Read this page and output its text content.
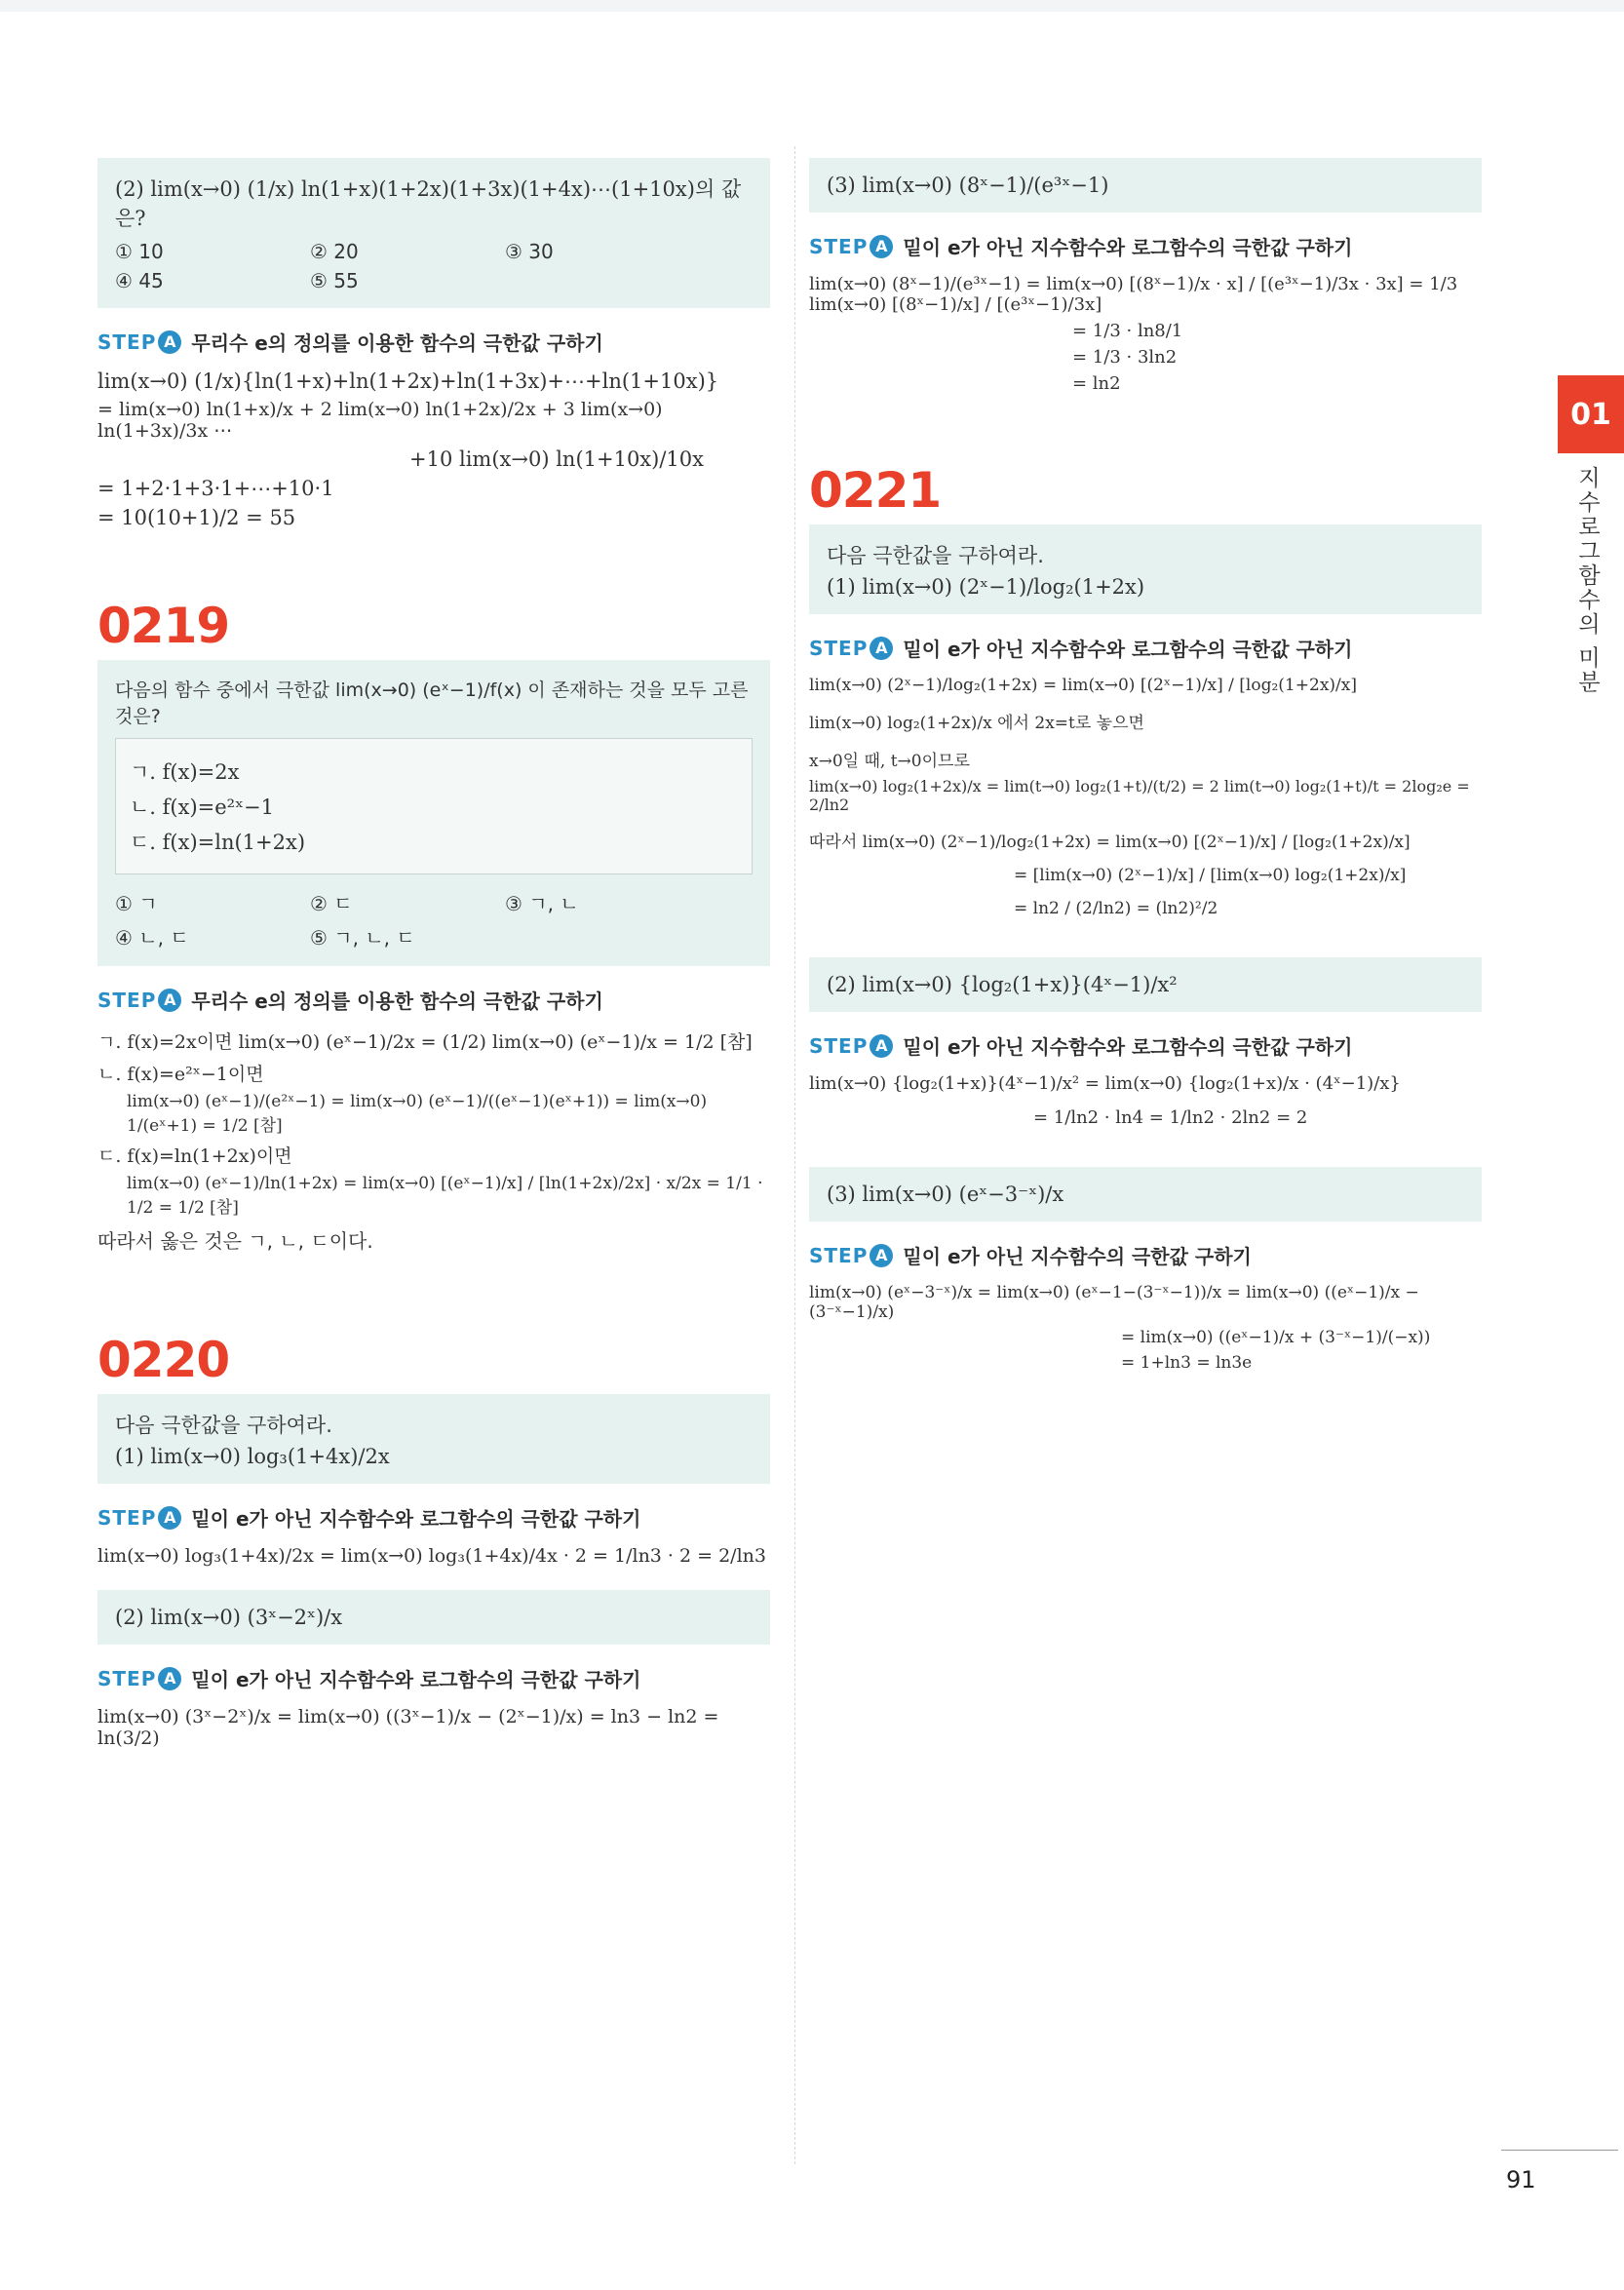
(2) lim(x→0) (1/x) ln(1+x)(1+2x)(1+3x)(1+4x)⋯(1+10x)의 값은?
① 10	② 20	③ 30
④ 45	⑤ 55
STEP A 무리수 e의 정의를 이용한 함수의 극한값 구하기
lim(x→0) (1/x){ln(1+x)+ln(1+2x)+ln(1+3x)+⋯+ln(1+10x)}
= lim(x→0) ln(1+x)/x + 2 lim(x→0) ln(1+2x)/2x + 3 lim(x→0) ln(1+3x)/3x ⋯
+10 lim(x→0) ln(1+10x)/10x
= 1+2·1+3·1+⋯+10·1
= 10(10+1)/2 = 55
0219
다음의 함수 중에서 극한값 lim(x→0) (eˣ−1)/f(x) 이 존재하는 것을 모두 고른 것은?
ㄱ. f(x)=2x
ㄴ. f(x)=e²ˣ−1
ㄷ. f(x)=ln(1+2x)
① ㄱ	② ㄷ	③ ㄱ, ㄴ
④ ㄴ, ㄷ	⑤ ㄱ, ㄴ, ㄷ
STEP A 무리수 e의 정의를 이용한 함수의 극한값 구하기
ㄱ. f(x)=2x이면 lim(x→0) (eˣ−1)/2x = (1/2) lim(x→0) (eˣ−1)/x = 1/2 [참]
ㄴ. f(x)=e²ˣ−1이면
lim(x→0) (eˣ−1)/(e²ˣ−1) = lim(x→0) (eˣ−1)/((eˣ−1)(eˣ+1)) = lim(x→0) 1/(eˣ+1) = 1/2 [참]
ㄷ. f(x)=ln(1+2x)이면
lim(x→0) (eˣ−1)/ln(1+2x) = lim(x→0) [(eˣ−1)/x] / [ln(1+2x)/2x] · x/2x = 1/1 · 1/2 = 1/2 [참]
따라서 옳은 것은 ㄱ, ㄴ, ㄷ이다.
0220
다음 극한값을 구하여라.
(1) lim(x→0) log₃(1+4x)/2x
STEP A 밑이 e가 아닌 지수함수와 로그함수의 극한값 구하기
lim(x→0) log₃(1+4x)/2x = lim(x→0) log₃(1+4x)/4x · 2 = 1/ln3 · 2 = 2/ln3
(2) lim(x→0) (3ˣ−2ˣ)/x
STEP A 밑이 e가 아닌 지수함수와 로그함수의 극한값 구하기
lim(x→0) (3ˣ−2ˣ)/x = lim(x→0) ((3ˣ−1)/x − (2ˣ−1)/x) = ln3 − ln2 = ln(3/2)
(3) lim(x→0) (8ˣ−1)/(e³ˣ−1)
STEP A 밑이 e가 아닌 지수함수와 로그함수의 극한값 구하기
lim(x→0) (8ˣ−1)/(e³ˣ−1) = lim(x→0) [(8ˣ−1)/x · x] / [(e³ˣ−1)/3x · 3x] = 1/3 lim(x→0) [(8ˣ−1)/x] / [(e³ˣ−1)/3x]
= 1/3 · ln8/1
= 1/3 · 3ln2
= ln2
0221
다음 극한값을 구하여라.
(1) lim(x→0) (2ˣ−1)/log₂(1+2x)
STEP A 밑이 e가 아닌 지수함수와 로그함수의 극한값 구하기
lim(x→0) (2ˣ−1)/log₂(1+2x) = lim(x→0) [(2ˣ−1)/x] / [log₂(1+2x)/x]
lim(x→0) log₂(1+2x)/x 에서 2x=t로 놓으면
x→0일 때, t→0이므로
lim(x→0) log₂(1+2x)/x = lim(t→0) log₂(1+t)/(t/2) = 2 lim(t→0) log₂(1+t)/t = 2log₂e = 2/ln2
따라서 lim(x→0) (2ˣ−1)/log₂(1+2x) = lim(x→0) [(2ˣ−1)/x] / [log₂(1+2x)/x]
= [lim(x→0) (2ˣ−1)/x] / [lim(x→0) log₂(1+2x)/x]
= ln2 / (2/ln2) = (ln2)²/2
(2) lim(x→0) {log₂(1+x)}(4ˣ−1)/x²
STEP A 밑이 e가 아닌 지수함수와 로그함수의 극한값 구하기
lim(x→0) {log₂(1+x)}(4ˣ−1)/x² = lim(x→0) {log₂(1+x)/x · (4ˣ−1)/x}
= 1/ln2 · ln4 = 1/ln2 · 2ln2 = 2
(3) lim(x→0) (eˣ−3⁻ˣ)/x
STEP A 밑이 e가 아닌 지수함수의 극한값 구하기
lim(x→0) (eˣ−3⁻ˣ)/x = lim(x→0) (eˣ−1−(3⁻ˣ−1))/x = lim(x→0) ((eˣ−1)/x − (3⁻ˣ−1)/x)
= lim(x→0) ((eˣ−1)/x + (3⁻ˣ−1)/(−x))
= 1+ln3 = ln3e
01
지수로그함수의 미분
91
